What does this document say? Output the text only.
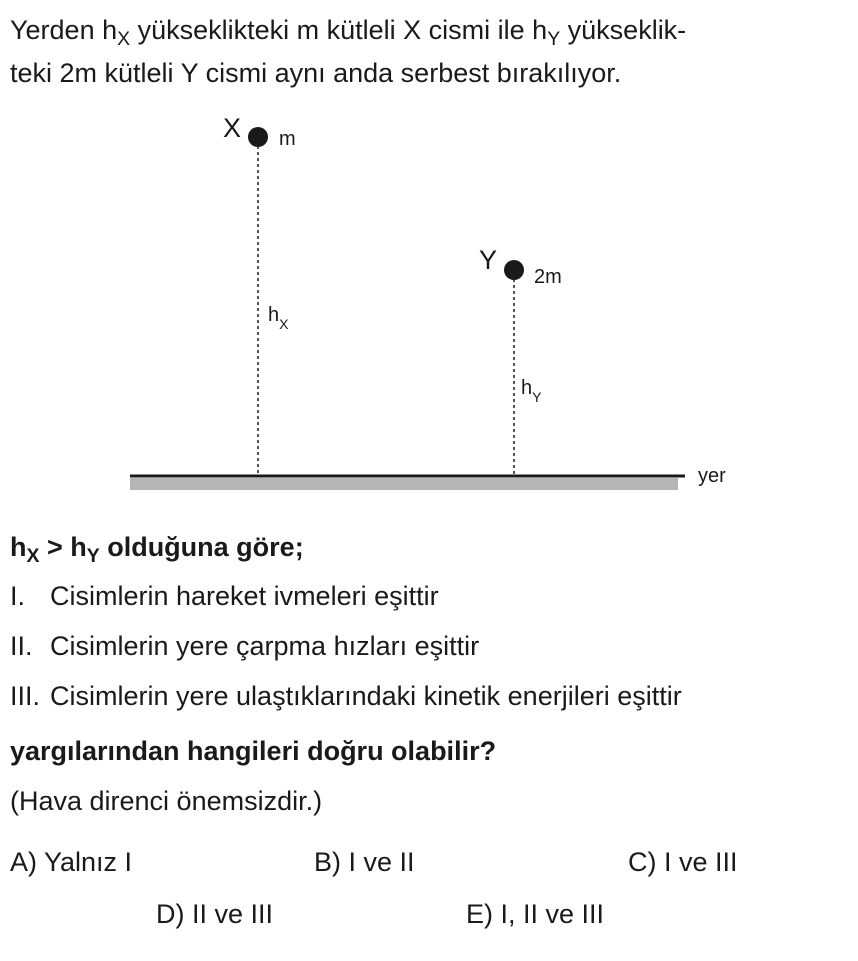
Yerden $h_X$ yükseklikteki m kütleli X cismi ile $h_Y$ yükseklik-
teki 2m kütleli Y cismi aynı anda serbest bırakılıyor.
X m
$h_X$
Y
2m
$h_Y$
yer
$h_X > h_Y$ olduğuna göre;
I. Cisimlerin hareket ivmeleri eşittir
II. Cisimlerin yere çarpma hızları eşittir
III. Cisimlerin yere ulaştıklarındaki kinetik enerjileri eşittir
yargılarından hangileri doğru olabilir?
(Hava direnci önemsizdir.)
A) Yalnız I	B) I ve II	C) I ve III
D) II ve III	E) I, II ve III
